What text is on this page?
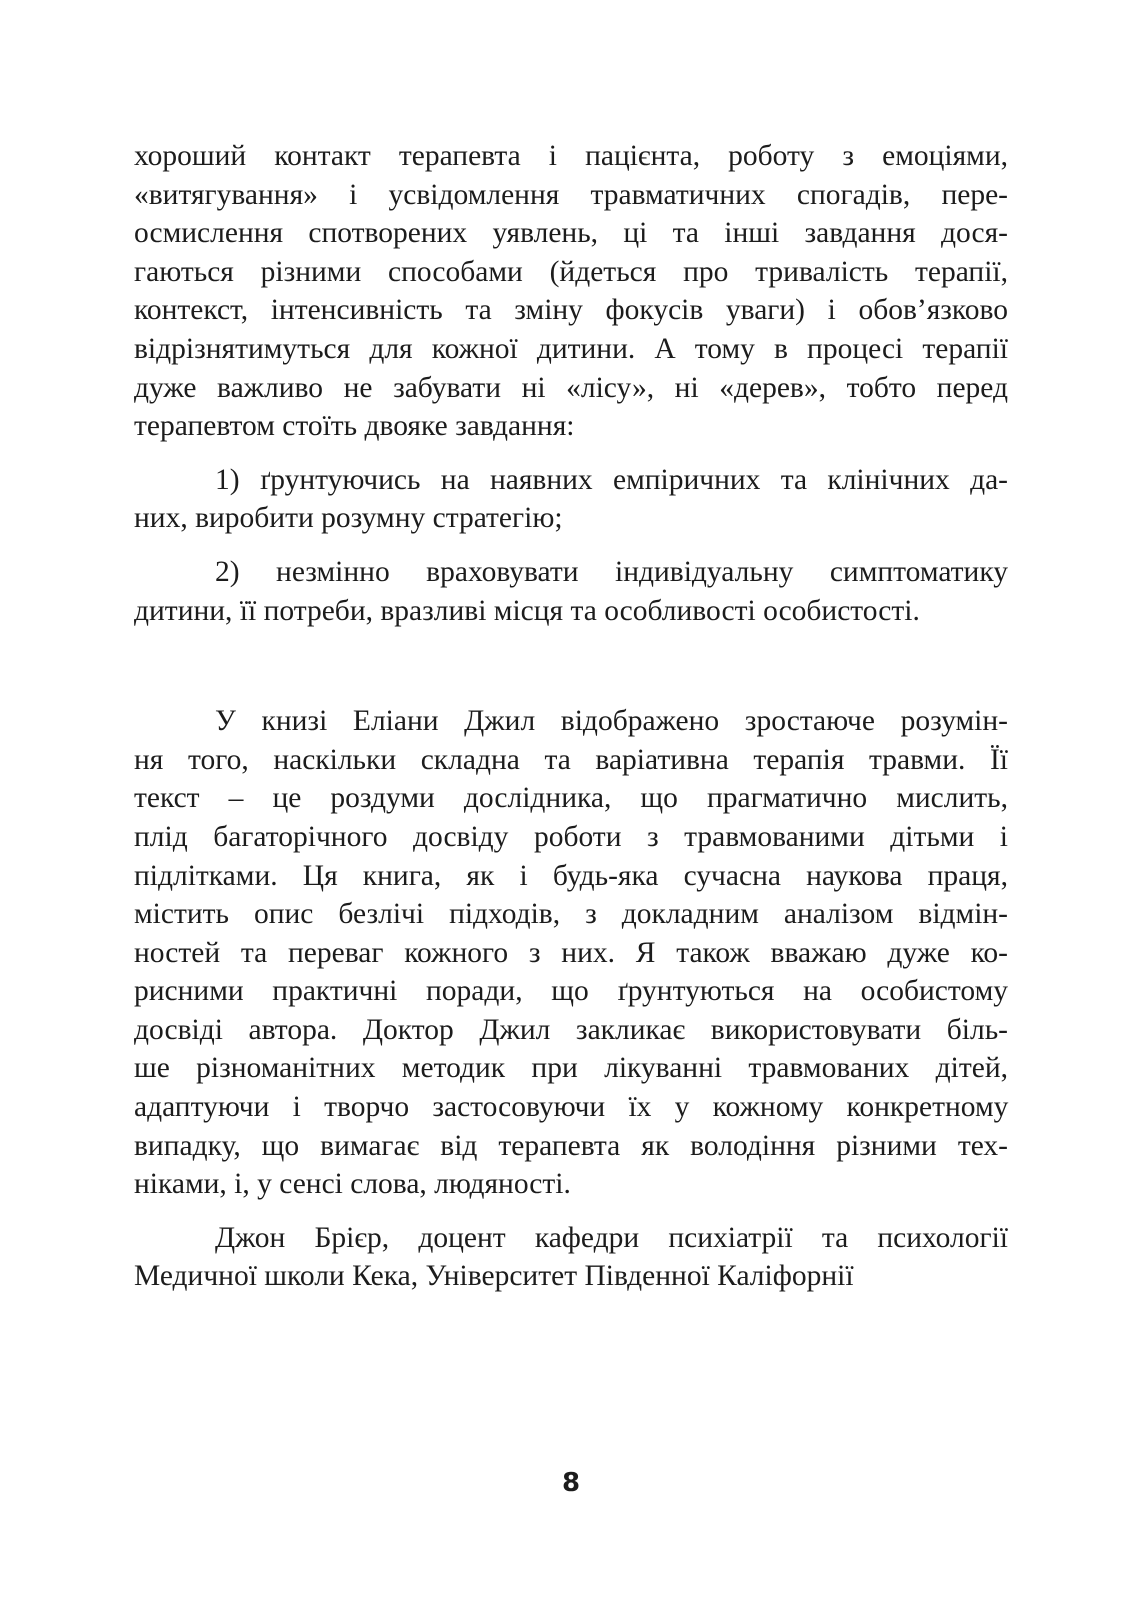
хороший контакт терапевта і пацієнта, роботу з емоціями,
«витягування» і усвідомлення травматичних спогадів, пере-
осмислення спотворених уявлень, ці та інші завдання дося-
гаються різними способами (йдеться про тривалість терапії,
контекст, інтенсивність та зміну фокусів уваги) і обов’язково
відрізнятимуться для кожної дитини. А тому в процесі терапії
дуже важливо не забувати ні «лісу», ні «дерев», тобто перед
терапевтом стоїть двояке завдання:

1) ґрунтуючись на наявних емпіричних та клінічних да-
них, виробити розумну стратегію;

2) незмінно враховувати індивідуальну симптоматику
дитини, її потреби, вразливі місця та особливості особистості.

У книзі Еліани Джил відображено зростаюче розумін-
ня того, наскільки складна та варіативна терапія травми. Її
текст – це роздуми дослідника, що прагматично мислить,
плід багаторічного досвіду роботи з травмованими дітьми і
підлітками. Ця книга, як і будь-яка сучасна наукова праця,
містить опис безлічі підходів, з докладним аналізом відмін-
ностей та переваг кожного з них. Я також вважаю дуже ко-
рисними практичні поради, що ґрунтуються на особистому
досвіді автора. Доктор Джил закликає використовувати біль-
ше різноманітних методик при лікуванні травмованих дітей,
адаптуючи і творчо застосовуючи їх у кожному конкретному
випадку, що вимагає від терапевта як володіння різними тех-
ніками, і, у сенсі слова, людяності.

Джон Брієр, доцент кафедри психіатрії та психології
Медичної школи Кека, Університет Південної Каліфорнії

8
